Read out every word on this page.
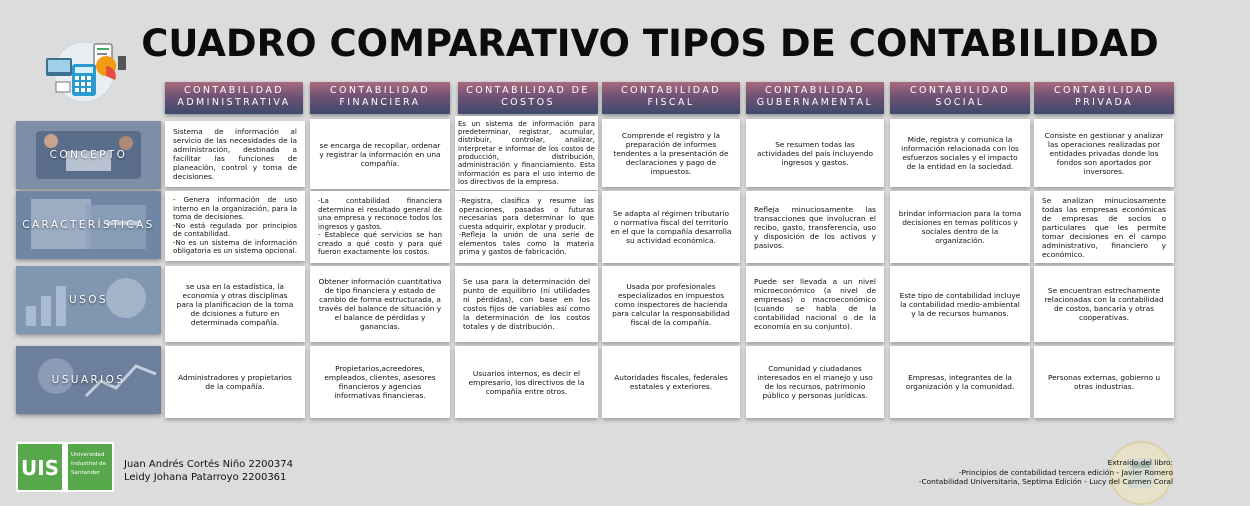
CUADRO COMPARATIVO TIPOS DE CONTABILIDAD
CONTABILIDAD ADMINISTRATIVA
CONTABILIDAD FINANCIERA
CONTABILIDAD DE COSTOS
CONTABILIDAD FISCAL
CONTABILIDAD GUBERNAMENTAL
CONTABILIDAD SOCIAL
CONTABILIDAD PRIVADA
CONCEPTO
CARACTERÍSTICAS
USOS
USUARIOS
Sistema de información al servicio de las necesidades de la administración, destinada a facilitar las funciones de planeación, control y toma de decisiones.
se encarga de recopilar, ordenar y registrar la información en una compañía.
Es un sistema de información para predeterminar, registrar, acumular, distribuir, controlar, analizar, interpretar e informar de los costos de producción, distribución, administración y financiamiento. Esta información es para el uso interno de los directivos de la empresa.
Comprende el registro y la preparación de informes tendentes a la presentación de declaraciones y pago de impuestos.
Se resumen todas las actividades del país incluyendo ingresos y gastos.
Mide, registra y comunica la información relacionada con los esfuerzos sociales y el impacto de la entidad en la sociedad.
Consiste en gestionar y analizar las operaciones realizadas por entidades privadas donde los fondos son aportados por inversores.
- Genera información de uso interno en la organización, para la toma de decisiones.
-No está regulada por principios de contabilidad.
-No es un sistema de información obligatoria es un sistema opcional.
-La contabilidad financiera determina el resultado general de una empresa y reconoce todos los ingresos y gastos.
- Establece qué servicios se han creado a qué costo y para qué fueron exactamente los costos.
-Registra, clasifica y resume las operaciones, pasadas o futuras necesarias para determinar lo que cuesta adquirir, explotar y producir.
-Refleja la unión de una serie de elementos tales como la materia prima y gastos de fabricación.
Se adapta al régimen tributario o normativa fiscal del territorio en el que la compañía desarrolla su actividad económica.
Refleja minuciosamente las transacciones que involucran el recibo, gasto, transferencia, uso y disposición de los activos y pasivos.
brindar informacion para la toma decisiones en temas políticos y sociales dentro de la organización.
Se analizan minuciosamente todas las empresas económicas de empresas de socios o particulares que les permite tomar decisiones en el campo administrativo, financiero y económico.
se usa en la estadística, la economía y otras disciplinas para la planificacion de la toma de dcisiones a futuro en determinada compañía.
Obtener información cuantitativa de tipo financiera y estado de cambio de forma estructurada, a través del balance de situación y el balance de pérdidas y ganancias.
Se usa para la determinación del punto de equilibrio (ni utilidades ni pérdidas), con base en los costos fijos de variables así como la determinación de los costos totales y de distribución.
Usada por profesionales especializados en impuestos como inspectores de hacienda para calcular la responsabilidad fiscal de la compañía.
Puede ser llevada a un nivel microeconómico (a nivel de empresas) o macroeconómico (cuando se habla de la contabilidad nacional o de la economía en su conjunto).
Este tipo de contabilidad incluye la contabilidad medio-ambiental y la de recursos humanos.
Se encuentran estrechamente relacionadas con la contabilidad de costos, bancaria y otras cooperativas.
Administradores y propietarios de la compañía.
Propietarios,acreedores, empleados, clientes, asesores financieros y agencias informativas financieras.
Usuarios internos, es decir el empresario, los directivos de la compañía entre otros.
Autoridades fiscales, federales estatales y exteriores.
Comunidad y ciudadanos interesados en el manejo y uso de los recursos, patrimonio público y personas jurídicas.
Empresas, integrantes de la organización y la comunidad.
Personas externas, gobierno u otras industrias.
UIS
Universidad
Industrial de
Santander
Juan Andrés Cortés Niño 2200374
Leidy Johana Patarroyo 2200361
Extraido del libro:
-Principios de contabilidad tercera edición - Javier Romero
-Contabilidad Universitaria, Septima Edición - Lucy del Carmen Coral
